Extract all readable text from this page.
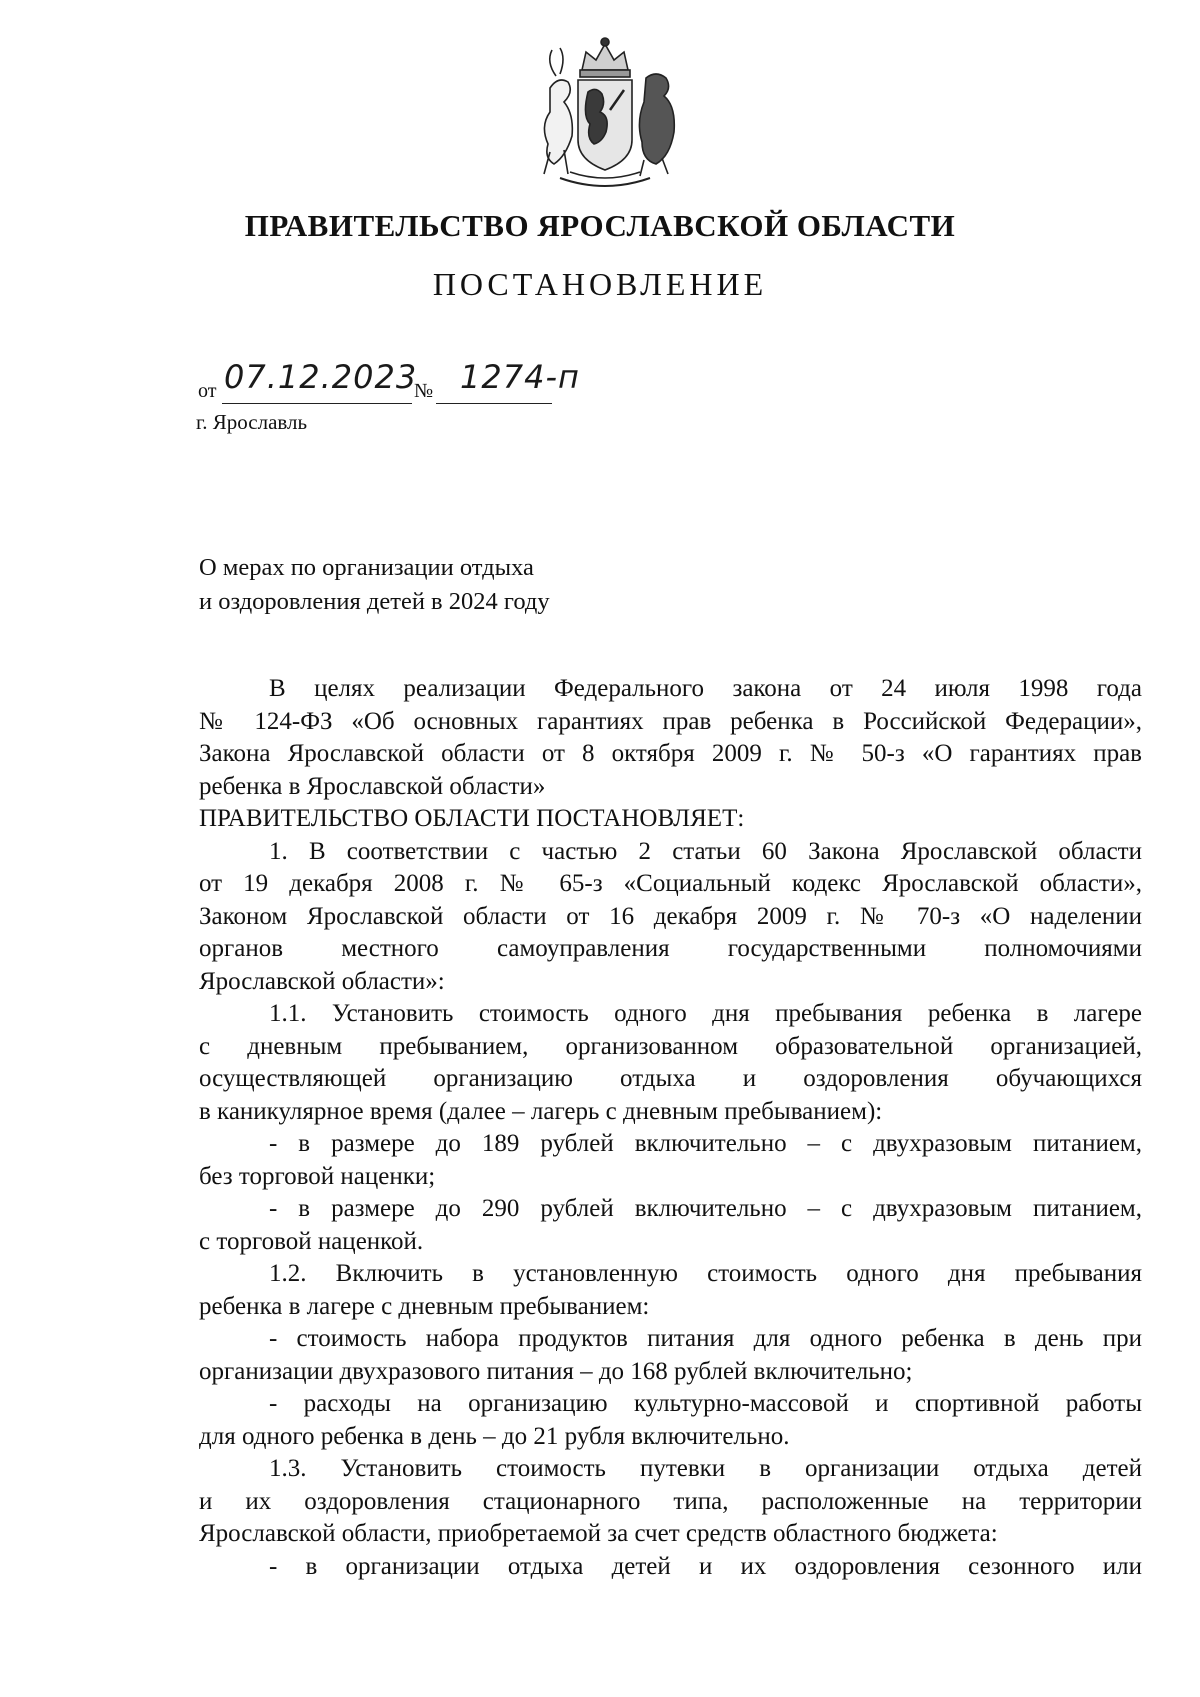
ПРАВИТЕЛЬСТВО ЯРОСЛАВСКОЙ ОБЛАСТИ
ПОСТАНОВЛЕНИЕ
от 07.12.2023
№ 1274-п
г. Ярославль
О мерах по организации отдыха
и оздоровления детей в 2024 году
В целях реализации Федерального закона от 24 июля 1998 года
№ 124-ФЗ «Об основных гарантиях прав ребенка в Российской Федерации»,
Закона Ярославской области от 8 октября 2009 г. № 50-з «О гарантиях прав
ребенка в Ярославской области»
ПРАВИТЕЛЬСТВО ОБЛАСТИ ПОСТАНОВЛЯЕТ:
1. В соответствии с частью 2 статьи 60 Закона Ярославской области
от 19 декабря 2008 г. № 65-з «Социальный кодекс Ярославской области»,
Законом Ярославской области от 16 декабря 2009 г. № 70-з «О наделении
органов местного самоуправления государственными полномочиями
Ярославской области»:
1.1. Установить стоимость одного дня пребывания ребенка в лагере
с дневным пребыванием, организованном образовательной организацией,
осуществляющей организацию отдыха и оздоровления обучающихся
в каникулярное время (далее – лагерь с дневным пребыванием):
- в размере до 189 рублей включительно – с двухразовым питанием,
без торговой наценки;
- в размере до 290 рублей включительно – с двухразовым питанием,
с торговой наценкой.
1.2. Включить в установленную стоимость одного дня пребывания
ребенка в лагере с дневным пребыванием:
- стоимость набора продуктов питания для одного ребенка в день при
организации двухразового питания – до 168 рублей включительно;
- расходы на организацию культурно-массовой и спортивной работы
для одного ребенка в день – до 21 рубля включительно.
1.3. Установить стоимость путевки в организации отдыха детей
и их оздоровления стационарного типа, расположенные на территории
Ярославской области, приобретаемой за счет средств областного бюджета:
- в организации отдыха детей и их оздоровления сезонного или
